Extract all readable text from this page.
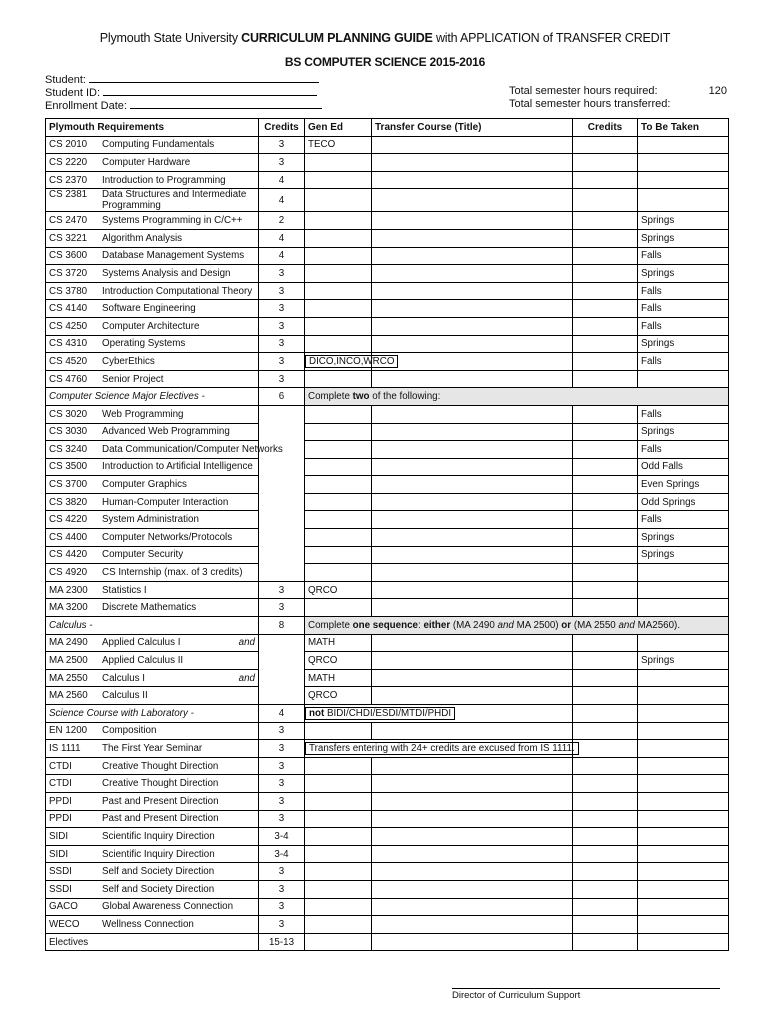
Plymouth State University CURRICULUM PLANNING GUIDE with APPLICATION of TRANSFER CREDIT
BS COMPUTER SCIENCE 2015-2016
Student:
Student ID:
Enrollment Date:
Total semester hours required:	120
Total semester hours transferred:
Plymouth Requirements	Credits	Gen Ed	Transfer Course (Title)	Credits	To Be Taken
CS 2010 Computing Fundamentals	3	TECO			
CS 2220 Computer Hardware	3				
CS 2370 Introduction to Programming	4				
CS 2381 Data Structures and Intermediate Programming	4				
CS 2470 Systems Programming in C/C++	2				Springs
CS 3221 Algorithm Analysis	4				Springs
CS 3600 Database Management Systems	4				Falls
CS 3720 Systems Analysis and Design	3				Springs
CS 3780 Introduction Computational Theory	3				Falls
CS 4140 Software Engineering	3				Falls
CS 4250 Computer Architecture	3				Falls
CS 4310 Operating Systems	3				Springs
CS 4520 CyberEthics	3	DICO,INCO,WRCO			Falls
CS 4760 Senior Project	3				
Computer Science Major Electives -	6	Complete two of the following:			
CS 3020 Web Programming					Falls
CS 3030 Advanced Web Programming					Springs
CS 3240 Data Communication/Computer Networks					Falls
CS 3500 Introduction to Artificial Intelligence					Odd Falls
CS 3700 Computer Graphics					Even Springs
CS 3820 Human-Computer Interaction					Odd Springs
CS 4220 System Administration					Falls
CS 4400 Computer Networks/Protocols					Springs
CS 4420 Computer Security					Springs
CS 4920 CS Internship (max. of 3 credits)					
MA 2300 Statistics I	3	QRCO			
MA 3200 Discrete Mathematics	3				
Calculus -	8	Complete one sequence: either (MA 2490 and MA 2500) or (MA 2550 and MA2560).			
MA 2490 Applied Calculus I and		MATH			
MA 2500 Applied Calculus II		QRCO			Springs
MA 2550 Calculus I and		MATH			
MA 2560 Calculus II		QRCO			
Science Course with Laboratory -	4	not BIDI/CHDI/ESDI/MTDI/PHDI			
EN 1200 Composition	3				
IS 1111 The First Year Seminar	3	Transfers entering with 24+ credits are excused from IS 1111.			
CTDI Creative Thought Direction	3				
CTDI Creative Thought Direction	3				
PPDI Past and Present Direction	3				
PPDI Past and Present Direction	3				
SIDI Scientific Inquiry Direction	3-4				
SIDI Scientific Inquiry Direction	3-4				
SSDI Self and Society Direction	3				
SSDI Self and Society Direction	3				
GACO Global Awareness Connection	3				
WECO Wellness Connection	3				
Electives	15-13				
Director of Curriculum Support
